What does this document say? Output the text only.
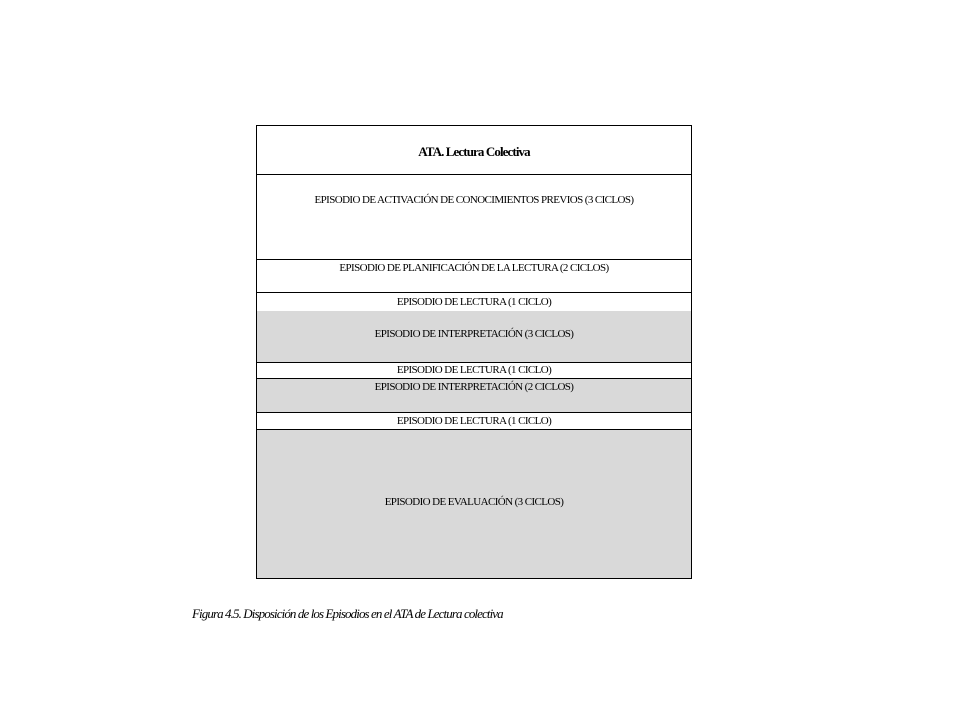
ATA. Lectura Colectiva
EPISODIO DE ACTIVACIÓN DE CONOCIMIENTOS PREVIOS (3 CICLOS)
EPISODIO DE PLANIFICACIÓN DE LA LECTURA (2 CICLOS)
EPISODIO DE LECTURA (1 CICLO)
EPISODIO DE INTERPRETACIÓN (3 CICLOS)
EPISODIO DE LECTURA (1 CICLO)
EPISODIO DE INTERPRETACIÓN (2 CICLOS)
EPISODIO DE LECTURA (1 CICLO)
EPISODIO DE EVALUACIÓN (3 CICLOS)
Figura 4.5. Disposición de los Episodios en el ATA de Lectura colectiva
